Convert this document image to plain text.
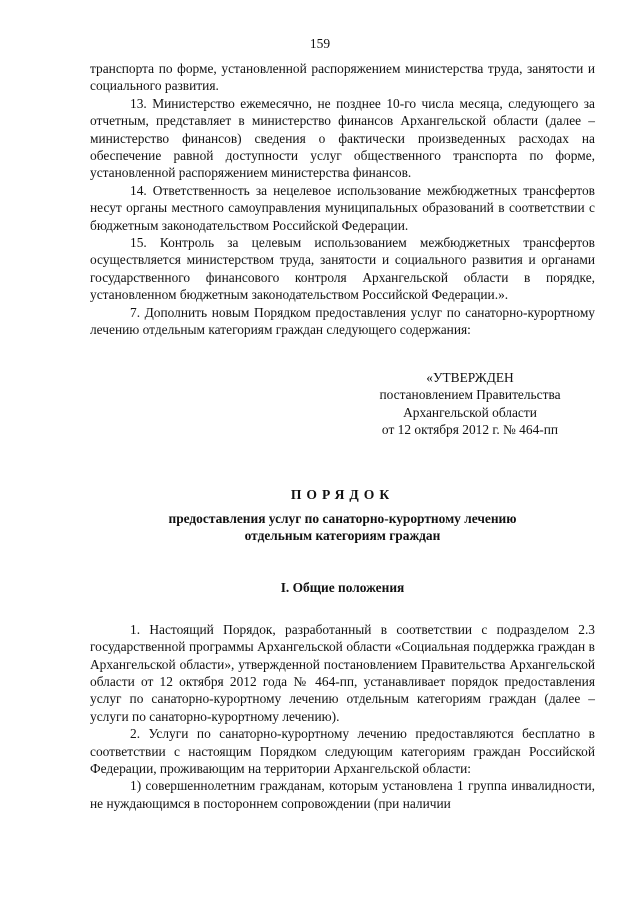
159

транспорта по форме, установленной распоряжением министерства труда, занятости и социального развития.

13. Министерство ежемесячно, не позднее 10-го числа месяца, следующего за отчетным, представляет в министерство финансов Архангельской области (далее – министерство финансов) сведения о фактически произведенных расходах на обеспечение равной доступности услуг общественного транспорта по форме, установленной распоряжением министерства финансов.

14. Ответственность за нецелевое использование межбюджетных трансфертов несут органы местного самоуправления муниципальных образований в соответствии с бюджетным законодательством Российской Федерации.

15. Контроль за целевым использованием межбюджетных трансфертов осуществляется министерством труда, занятости и социального развития и органами государственного финансового контроля Архангельской области в порядке, установленном бюджетным законодательством Российской Федерации.».

7. Дополнить новым Порядком предоставления услуг по санаторно-курортному лечению отдельным категориям граждан следующего содержания:

«УТВЕРЖДЕН
постановлением Правительства
Архангельской области
от 12 октября 2012 г. № 464-пп
ПОРЯДОК
предоставления услуг по санаторно-курортному лечению
отдельным категориям граждан
I. Общие положения

1. Настоящий Порядок, разработанный в соответствии с подразделом 2.3 государственной программы Архангельской области «Социальная поддержка граждан в Архангельской области», утвержденной постановлением Правительства Архангельской области от 12 октября 2012 года № 464-пп, устанавливает порядок предоставления услуг по санаторно-курортному лечению отдельным категориям граждан (далее – услуги по санаторно-курортному лечению).

2. Услуги по санаторно-курортному лечению предоставляются бесплатно в соответствии с настоящим Порядком следующим категориям граждан Российской Федерации, проживающим на территории Архангельской области:

1) совершеннолетним гражданам, которым установлена 1 группа инвалидности, не нуждающимся в постороннем сопровождении (при наличии
